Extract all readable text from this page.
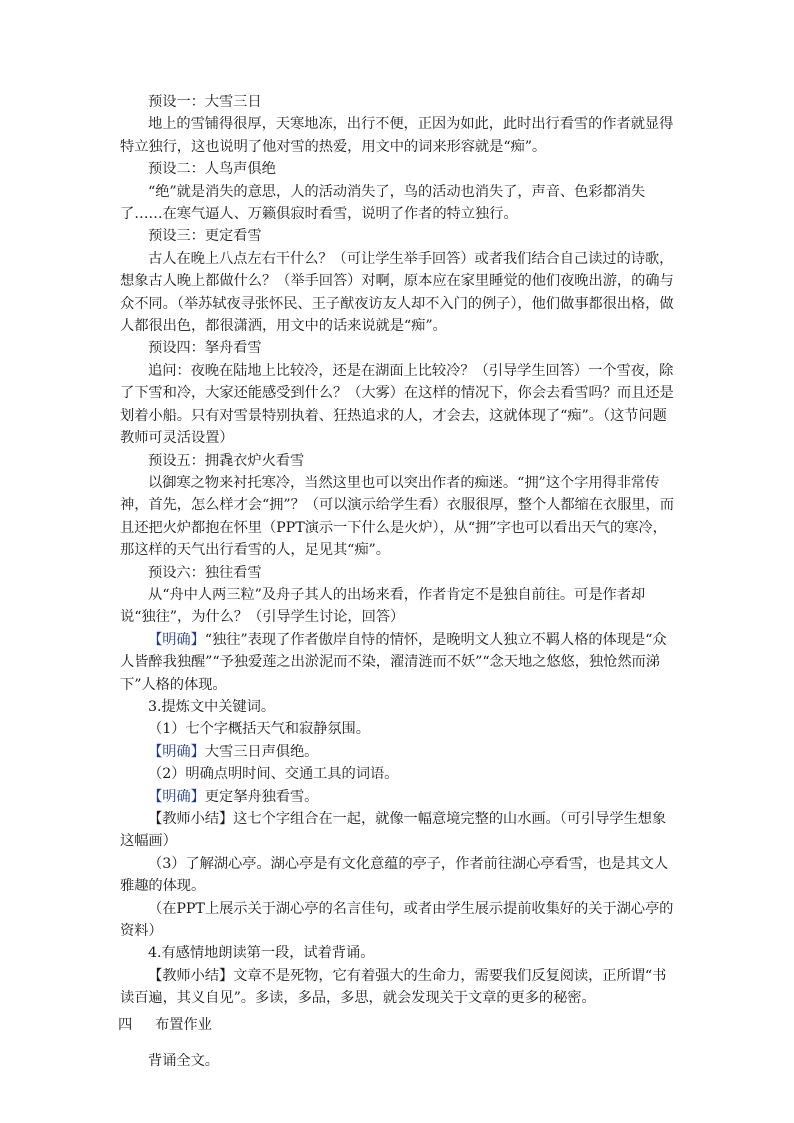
预设一：大雪三日

地上的雪铺得很厚，天寒地冻，出行不便，正因为如此，此时出行看雪的作者就显得特立独行，这也说明了他对雪的热爱，用文中的词来形容就是“痴”。

预设二：人鸟声俱绝

“绝”就是消失的意思，人的活动消失了，鸟的活动也消失了，声音、色彩都消失了……在寒气逼人、万籁俱寂时看雪，说明了作者的特立独行。

预设三：更定看雪

古人在晚上八点左右干什么？（可让学生举手回答）或者我们结合自己读过的诗歌，想象古人晚上都做什么？（举手回答）对啊，原本应在家里睡觉的他们夜晚出游，的确与众不同。（举苏轼夜寻张怀民、王子猷夜访友人却不入门的例子），他们做事都很出格，做人都很出色，都很潇洒，用文中的话来说就是“痴”。

预设四：拏舟看雪

追问：夜晚在陆地上比较冷，还是在湖面上比较冷？（引导学生回答）一个雪夜，除了下雪和冷，大家还能感受到什么？（大雾）在这样的情况下，你会去看雪吗？而且还是划着小船。只有对雪景特别执着、狂热追求的人，才会去，这就体现了“痴”。（这节问题教师可灵活设置）

预设五：拥毳衣炉火看雪

以御寒之物来衬托寒冷，当然这里也可以突出作者的痴迷。“拥”这个字用得非常传神，首先，怎么样才会“拥”？（可以演示给学生看）衣服很厚，整个人都缩在衣服里，而且还把火炉都抱在怀里（PPT演示一下什么是火炉），从“拥”字也可以看出天气的寒冷，那这样的天气出行看雪的人，足见其“痴”。

预设六：独往看雪

从“舟中人两三粒”及舟子其人的出场来看，作者肯定不是独自前往。可是作者却说“独往”，为什么？（引导学生讨论，回答）

【明确】“独往”表现了作者傲岸自恃的情怀，是晚明文人独立不羁人格的体现是“众人皆醉我独醒”“予独爱莲之出淤泥而不染，濯清涟而不妖”“念天地之悠悠，独怆然而涕下”人格的体现。

3.提炼文中关键词。

（1）七个字概括天气和寂静氛围。

【明确】大雪三日声俱绝。

（2）明确点明时间、交通工具的词语。

【明确】更定拏舟独看雪。

【教师小结】这七个字组合在一起，就像一幅意境完整的山水画。（可引导学生想象这幅画）

（3）了解湖心亭。湖心亭是有文化意蕴的亭子，作者前往湖心亭看雪，也是其文人雅趣的体现。

（在PPT上展示关于湖心亭的名言佳句，或者由学生展示提前收集好的关于湖心亭的资料）

4.有感情地朗读第一段，试着背诵。

【教师小结】文章不是死物，它有着强大的生命力，需要我们反复阅读，正所谓“书读百遍，其义自见”。多读，多品，多思，就会发现关于文章的更多的秘密。

四	布置作业

背诵全文。
